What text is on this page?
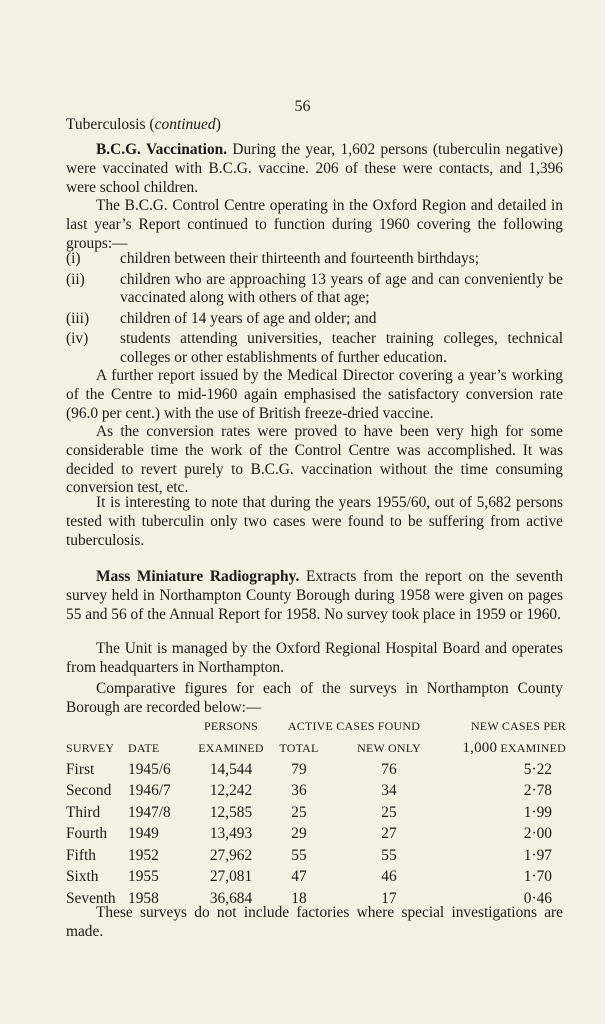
56
Tuberculosis (continued)

B.C.G. Vaccination. During the year, 1,602 persons (tuberculin negative) were vaccinated with B.C.G. vaccine. 206 of these were contacts, and 1,396 were school children.

The B.C.G. Control Centre operating in the Oxford Region and detailed in last year’s Report continued to function during 1960 covering the following groups:—

(i)	children between their thirteenth and fourteenth birthdays;
(ii)	children who are approaching 13 years of age and can conveniently be vaccinated along with others of that age;
(iii)	children of 14 years of age and older; and
(iv)	students attending universities, teacher training colleges, technical colleges or other establishments of further education.

A further report issued by the Medical Director covering a year’s working of the Centre to mid-1960 again emphasised the satisfactory conversion rate (96.0 per cent.) with the use of British freeze-dried vaccine.

As the conversion rates were proved to have been very high for some considerable time the work of the Control Centre was accomplished. It was decided to revert purely to B.C.G. vaccination without the time consuming conversion test, etc.

It is interesting to note that during the years 1955/60, out of 5,682 persons tested with tuberculin only two cases were found to be suffering from active tuberculosis.

Mass Miniature Radiography. Extracts from the report on the seventh survey held in Northampton County Borough during 1958 were given on pages 55 and 56 of the Annual Report for 1958. No survey took place in 1959 or 1960.

The Unit is managed by the Oxford Regional Hospital Board and operates from headquarters in Northampton.

Comparative figures for each of the surveys in Northampton County Borough are recorded below:—

		PERSONS	ACTIVE CASES FOUND		NEW CASES PER
SURVEY	DATE	EXAMINED	TOTAL	NEW ONLY	1,000 EXAMINED
First	1945/6	14,544	79	76	5·22
Second	1946/7	12,242	36	34	2·78
Third	1947/8	12,585	25	25	1·99
Fourth	1949	13,493	29	27	2·00
Fifth	1952	27,962	55	55	1·97
Sixth	1955	27,081	47	46	1·70
Seventh	1958	36,684	18	17	0·46

These surveys do not include factories where special investigations are made.
